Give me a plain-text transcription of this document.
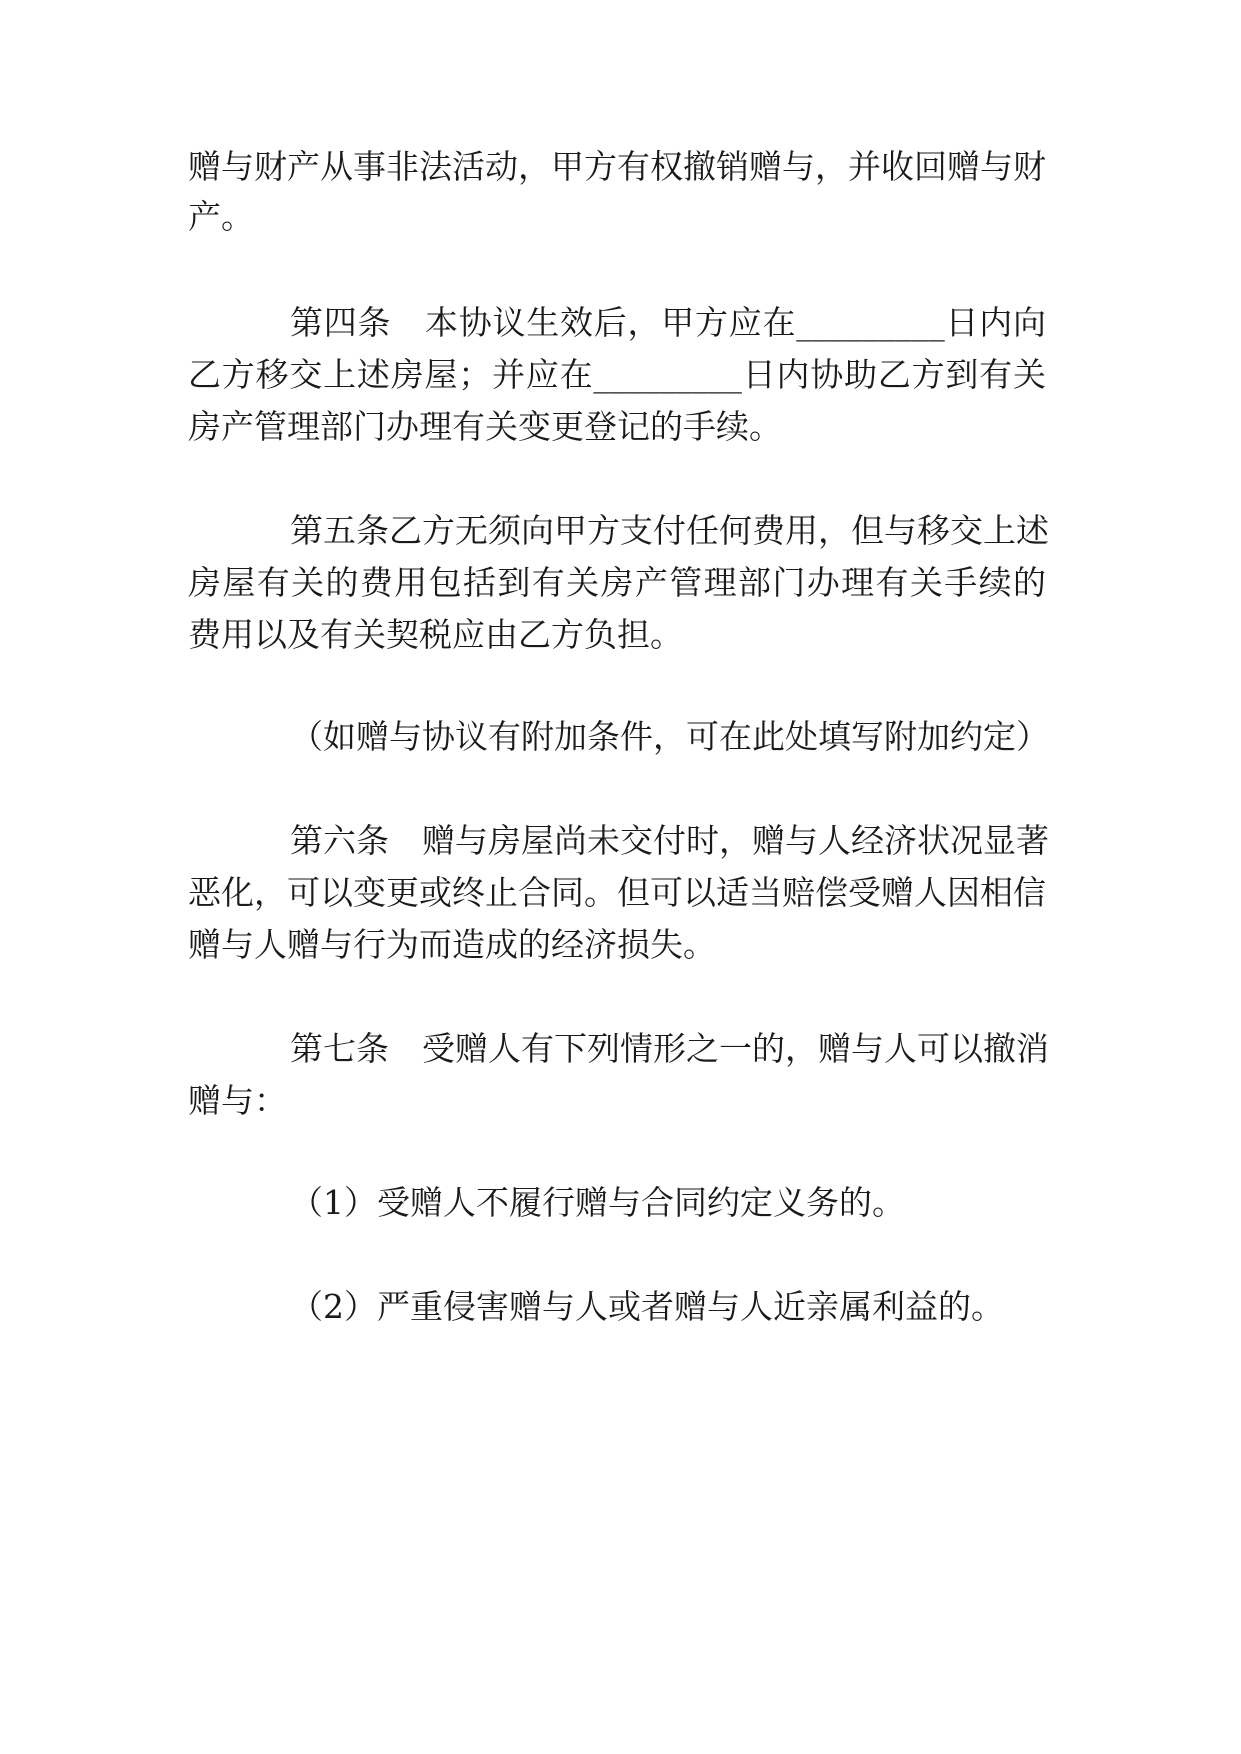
赠与财产从事非法活动，甲方有权撤销赠与，并收回赠与财

产。

第四条　本协议生效后，甲方应在_________日内向

乙方移交上述房屋；并应在_________日内协助乙方到有关

房产管理部门办理有关变更登记的手续。

第五条乙方无须向甲方支付任何费用，但与移交上述

房屋有关的费用包括到有关房产管理部门办理有关手续的

费用以及有关契税应由乙方负担。

（如赠与协议有附加条件，可在此处填写附加约定）

第六条　赠与房屋尚未交付时，赠与人经济状况显著

恶化，可以变更或终止合同。但可以适当赔偿受赠人因相信

赠与人赠与行为而造成的经济损失。

第七条　受赠人有下列情形之一的，赠与人可以撤消

赠与：

（1）受赠人不履行赠与合同约定义务的。

（2）严重侵害赠与人或者赠与人近亲属利益的。
